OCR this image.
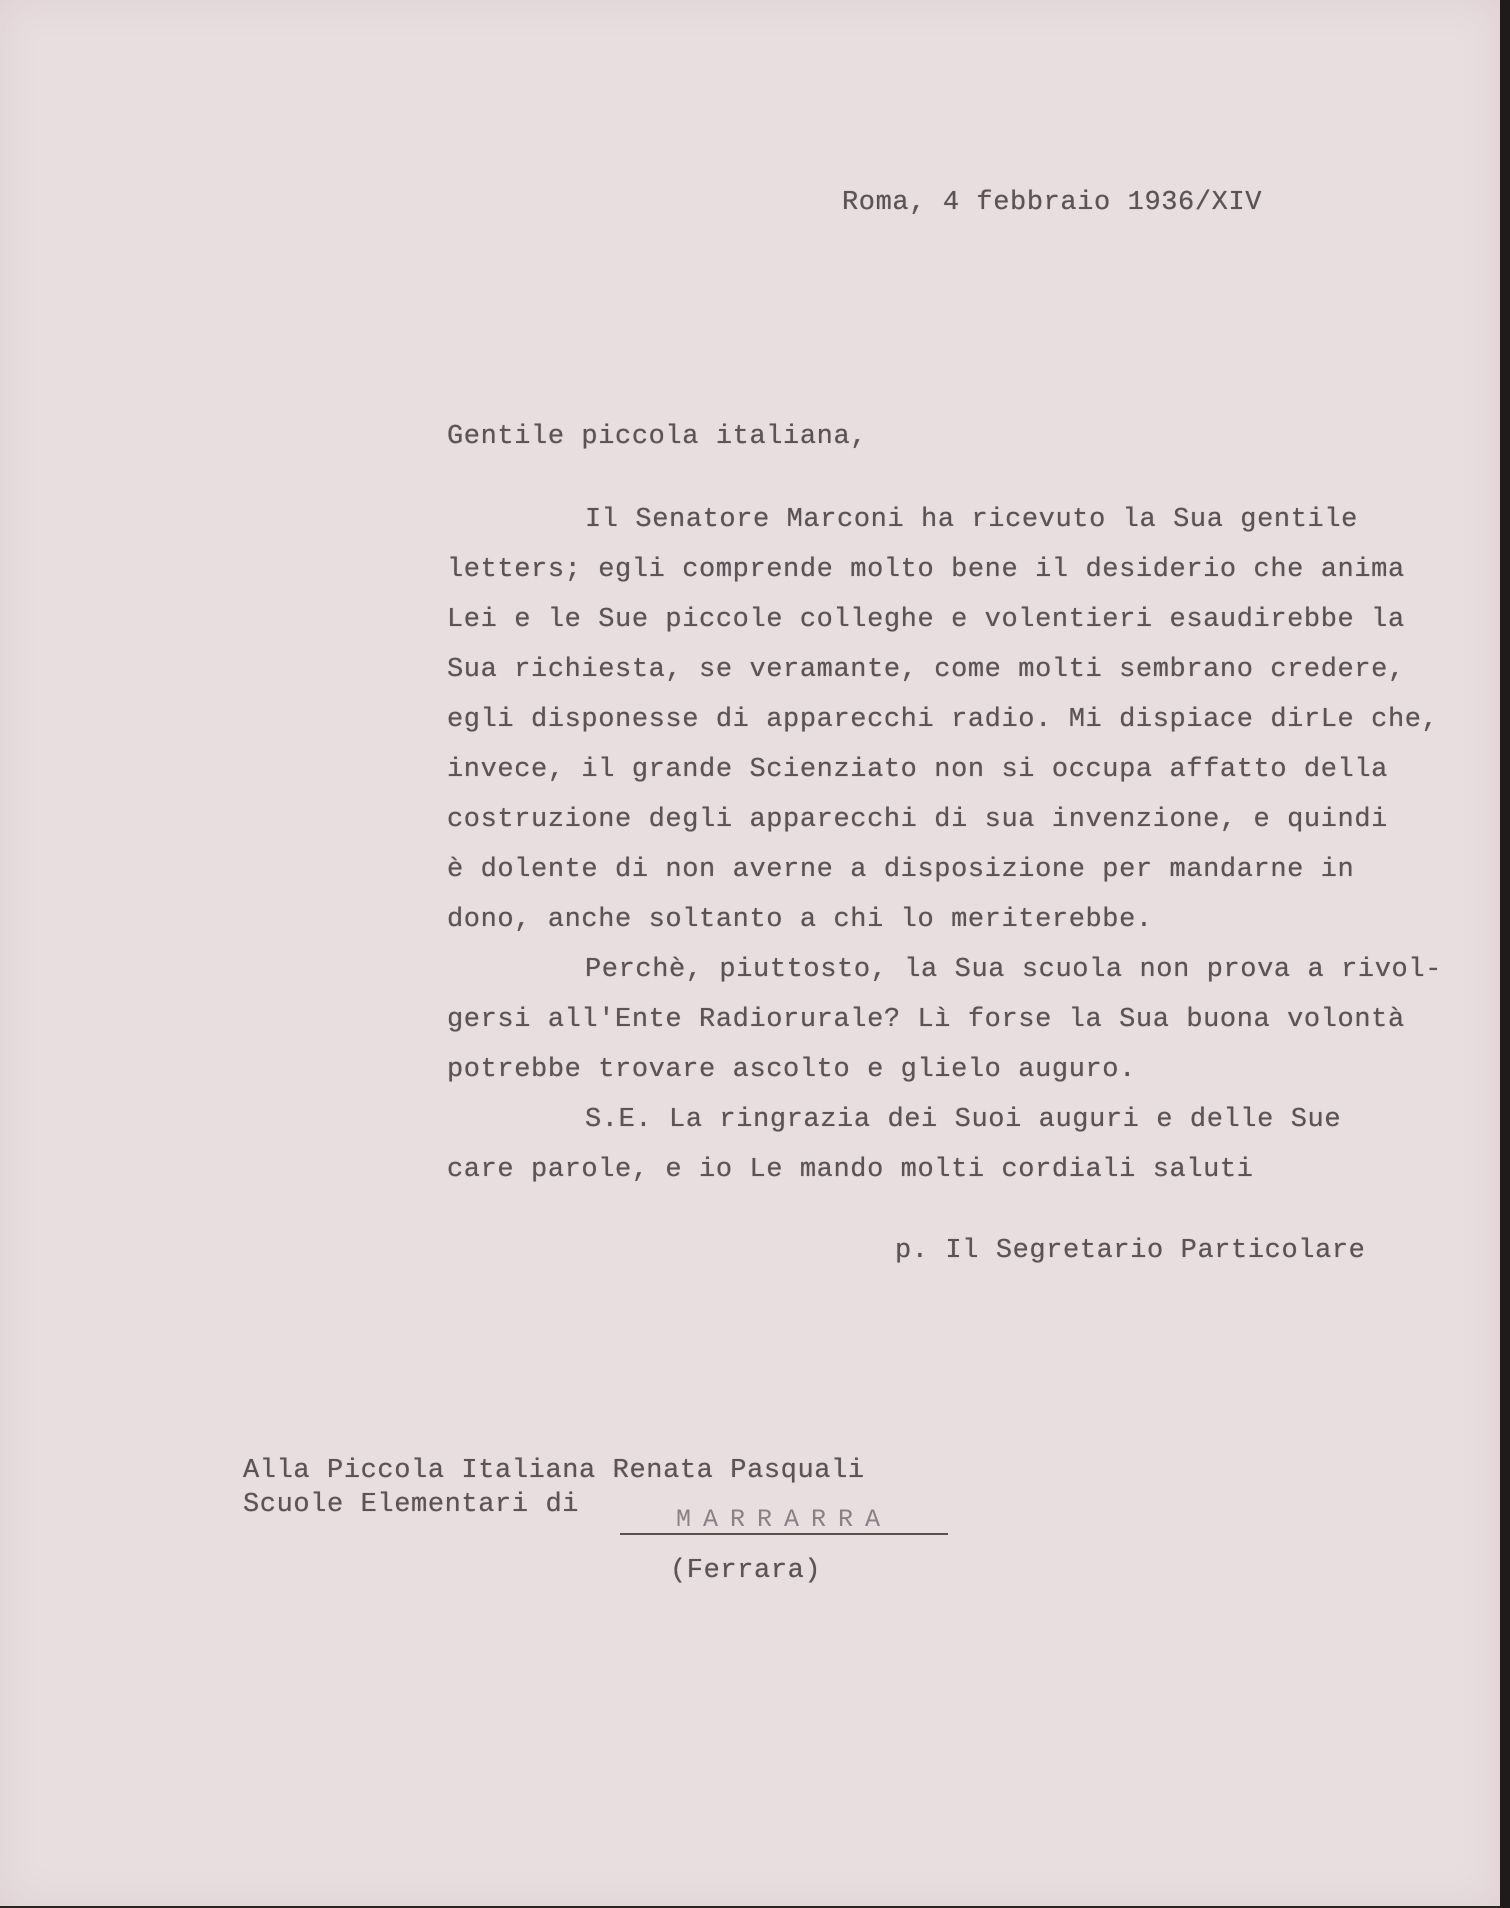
Roma, 4 febbraio 1936/XIV

Gentile piccola italiana,

Il Senatore Marconi ha ricevuto la Sua gentile

letters; egli comprende molto bene il desiderio che anima

Lei e le Sue piccole colleghe e volentieri esaudirebbe la

Sua richiesta, se veramante, come molti sembrano credere,

egli disponesse di apparecchi radio. Mi dispiace dirLe che,

invece, il grande Scienziato non si occupa affatto della

costruzione degli apparecchi di sua invenzione, e quindi

è dolente di non averne a disposizione per mandarne in

dono, anche soltanto a chi lo meriterebbe.

Perchè, piuttosto, la Sua scuola non prova a rivol-

gersi all'Ente Radiorurale? Lì forse la Sua buona volontà

potrebbe trovare ascolto e glielo auguro.

S.E. La ringrazia dei Suoi auguri e delle Sue

care parole, e io Le mando molti cordiali saluti

p. Il Segretario Particolare

Alla Piccola Italiana Renata Pasquali

Scuole Elementari di	MARRARRA

(Ferrara)
